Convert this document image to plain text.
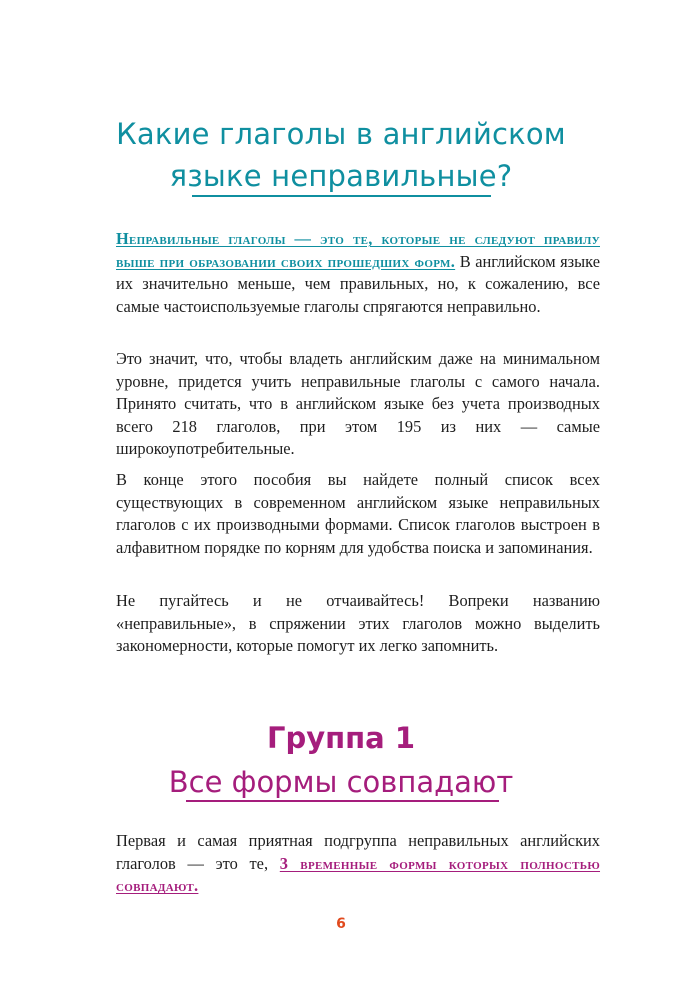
Какие глаголы в английском
языке неправильные?
Неправильные глаголы — это те, которые не следуют правилу выше при образовании своих прошедших форм. В английском языке их значительно меньше, чем правильных, но, к сожалению, все самые частоиспользуемые глаголы спрягаются неправильно.
Это значит, что, чтобы владеть английским даже на минимальном уровне, придется учить неправильные глаголы с самого начала. Принято считать, что в английском языке без учета производных всего 218 глаголов, при этом 195 из них — самые широкоупотребительные.
В конце этого пособия вы найдете полный список всех существующих в современном английском языке неправильных глаголов с их производными формами. Список глаголов выстроен в алфавитном порядке по корням для удобства поиска и запоминания.
Не пугайтесь и не отчаивайтесь! Вопреки названию «неправильные», в спряжении этих глаголов можно выделить закономерности, которые помогут их легко запомнить.
Группа 1
Все формы совпадают
Первая и самая приятная подгруппа неправильных английских глаголов — это те, 3 временные формы которых полностью совпадают.
6
